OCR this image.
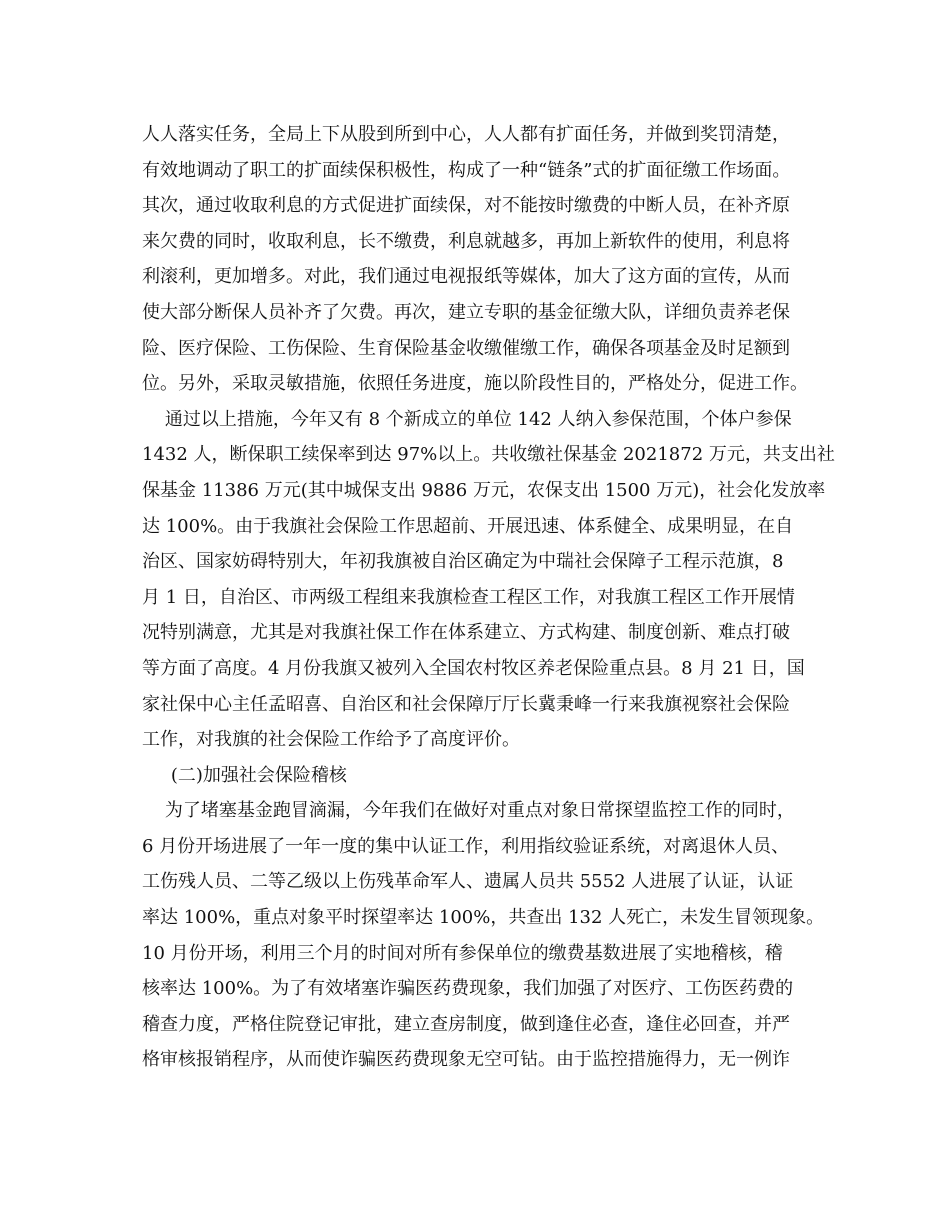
人人落实任务，全局上下从股到所到中心，人人都有扩面任务，并做到奖罚清楚，
有效地调动了职工的扩面续保积极性，构成了一种“链条”式的扩面征缴工作场面。
其次，通过收取利息的方式促进扩面续保，对不能按时缴费的中断人员，在补齐原
来欠费的同时，收取利息，长不缴费，利息就越多，再加上新软件的使用，利息将
利滚利，更加增多。对此，我们通过电视报纸等媒体，加大了这方面的宣传，从而
使大部分断保人员补齐了欠费。再次，建立专职的基金征缴大队，详细负责养老保
险、医疗保险、工伤保险、生育保险基金收缴催缴工作，确保各项基金及时足额到
位。另外，采取灵敏措施，依照任务进度，施以阶段性目的，严格处分，促进工作。
通过以上措施，今年又有 8 个新成立的单位 142 人纳入参保范围，个体户参保
1432 人，断保职工续保率到达 97%以上。共收缴社保基金 2021872 万元，共支出社
保基金 11386 万元(其中城保支出 9886 万元，农保支出 1500 万元)，社会化发放率
达 100%。由于我旗社会保险工作思超前、开展迅速、体系健全、成果明显，在自
治区、国家妨碍特别大，年初我旗被自治区确定为中瑞社会保障子工程示范旗，8
月 1 日，自治区、市两级工程组来我旗检查工程区工作，对我旗工程区工作开展情
况特别满意，尤其是对我旗社保工作在体系建立、方式构建、制度创新、难点打破
等方面了高度。4 月份我旗又被列入全国农村牧区养老保险重点县。8 月 21 日，国
家社保中心主任孟昭喜、自治区和社会保障厅厅长冀秉峰一行来我旗视察社会保险
工作，对我旗的社会保险工作给予了高度评价。
(二)加强社会保险稽核
为了堵塞基金跑冒滴漏，今年我们在做好对重点对象日常探望监控工作的同时，
6 月份开场进展了一年一度的集中认证工作，利用指纹验证系统，对离退休人员、
工伤残人员、二等乙级以上伤残革命军人、遗属人员共 5552 人进展了认证，认证
率达 100%，重点对象平时探望率达 100%，共查出 132 人死亡，未发生冒领现象。
10 月份开场，利用三个月的时间对所有参保单位的缴费基数进展了实地稽核，稽
核率达 100%。为了有效堵塞诈骗医药费现象，我们加强了对医疗、工伤医药费的
稽查力度，严格住院登记审批，建立查房制度，做到逢住必查，逢住必回查，并严
格审核报销程序，从而使诈骗医药费现象无空可钻。由于监控措施得力，无一例诈
